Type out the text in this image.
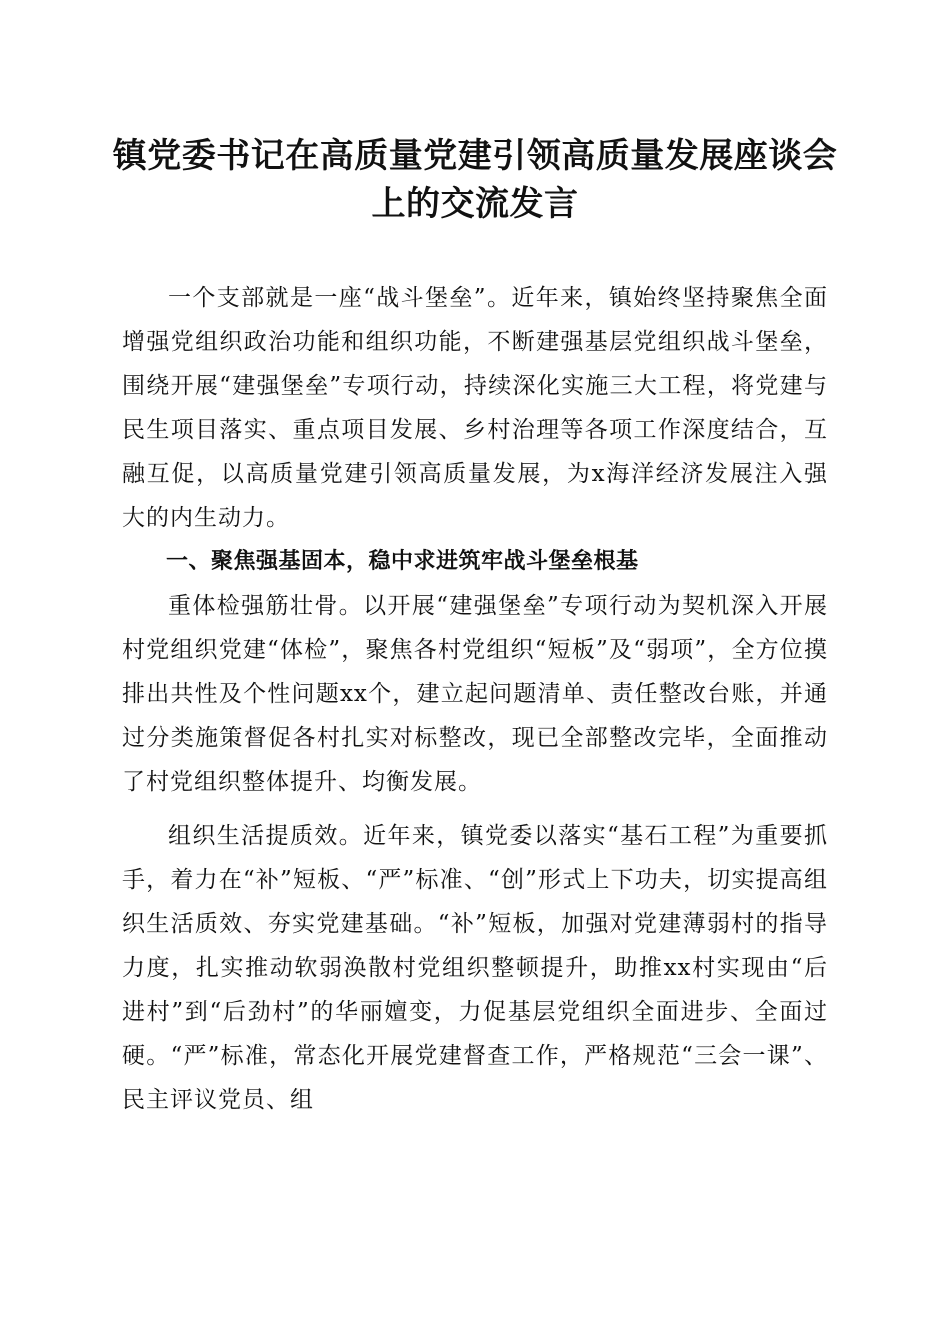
镇党委书记在高质量党建引领高质量发展座谈会上的交流发言

一个支部就是一座“战斗堡垒”。近年来，镇始终坚持聚焦全面增强党组织政治功能和组织功能，不断建强基层党组织战斗堡垒，围绕开展“建强堡垒”专项行动，持续深化实施三大工程，将党建与民生项目落实、重点项目发展、乡村治理等各项工作深度结合，互融互促，以高质量党建引领高质量发展，为x海洋经济发展注入强大的内生动力。

一、聚焦强基固本，稳中求进筑牢战斗堡垒根基

重体检强筋壮骨。以开展“建强堡垒”专项行动为契机深入开展村党组织党建“体检”，聚焦各村党组织“短板”及“弱项”，全方位摸排出共性及个性问题xx个，建立起问题清单、责任整改台账，并通过分类施策督促各村扎实对标整改，现已全部整改完毕，全面推动了村党组织整体提升、均衡发展。

组织生活提质效。近年来，镇党委以落实“基石工程”为重要抓手，着力在“补”短板、“严”标准、“创”形式上下功夫，切实提高组织生活质效、夯实党建基础。“补”短板，加强对党建薄弱村的指导力度，扎实推动软弱涣散村党组织整顿提升，助推xx村实现由“后进村”到“后劲村”的华丽嬗变，力促基层党组织全面进步、全面过硬。“严”标准，常态化开展党建督查工作，严格规范“三会一课”、民主评议党员、组
